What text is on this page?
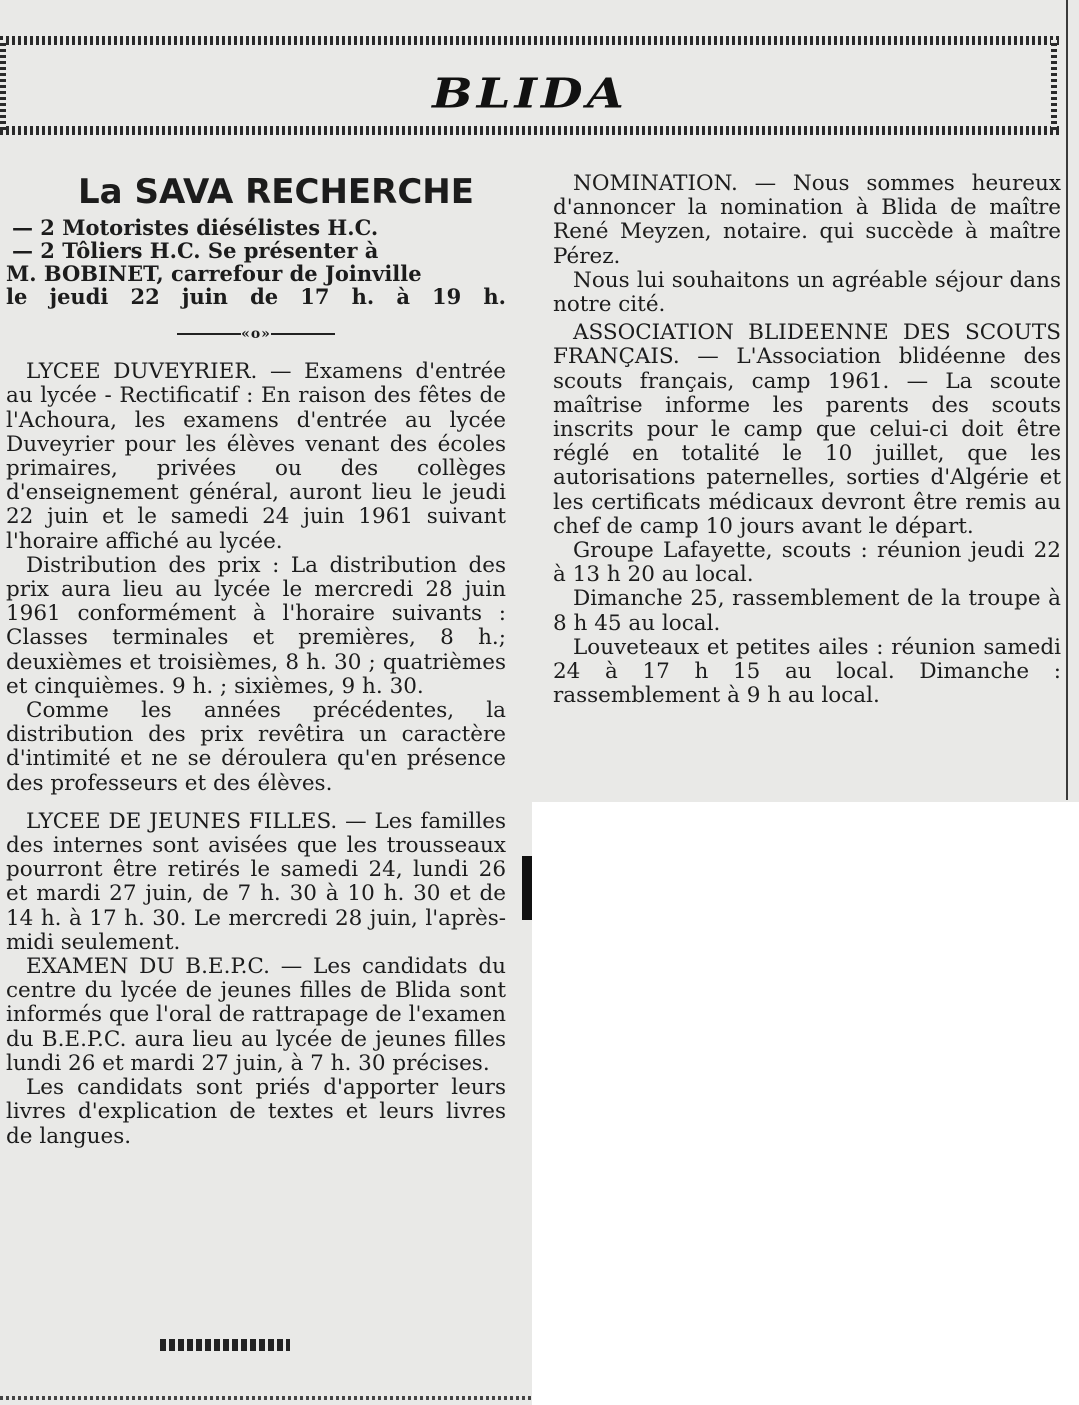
BLIDA
La SAVA RECHERCHE
— 2 Motoristes diésélistes H.C.
— 2 Tôliers H.C. Se présenter à
M. BOBINET, carrefour de Joinville
le jeudi 22 juin de 17 h. à 19 h.
«o»

LYCEE DUVEYRIER. — Examens d'entrée au lycée - Rectificatif : En raison des fêtes de l'Achoura, les examens d'entrée au lycée Duveyrier pour les élèves venant des écoles primaires, privées ou des collèges d'enseignement général, auront lieu le jeudi 22 juin et le samedi 24 juin 1961 suivant l'horaire affiché au lycée.

Distribution des prix : La distribution des prix aura lieu au lycée le mercredi 28 juin 1961 conformément à l'horaire suivants : Classes terminales et premières, 8 h.; deuxièmes et troisièmes, 8 h. 30 ; quatrièmes et cinquièmes. 9 h. ; sixièmes, 9 h. 30.

Comme les années précédentes, la distribution des prix revêtira un caractère d'intimité et ne se déroulera qu'en présence des professeurs et des élèves.

LYCEE DE JEUNES FILLES. — Les familles des internes sont avisées que les trousseaux pourront être retirés le samedi 24, lundi 26 et mardi 27 juin, de 7 h. 30 à 10 h. 30 et de 14 h. à 17 h. 30. Le mercredi 28 juin, l'après-midi seulement.

EXAMEN DU B.E.P.C. — Les candidats du centre du lycée de jeunes filles de Blida sont informés que l'oral de rattrapage de l'examen du B.E.P.C. aura lieu au lycée de jeunes filles lundi 26 et mardi 27 juin, à 7 h. 30 précises.

Les candidats sont priés d'apporter leurs livres d'explication de textes et leurs livres de langues.

NOMINATION. — Nous sommes heureux d'annoncer la nomination à Blida de maître René Meyzen, notaire. qui succède à maître Pérez.

Nous lui souhaitons un agréable séjour dans notre cité.

ASSOCIATION BLIDEENNE DES SCOUTS FRANÇAIS. — L'Association blidéenne des scouts français, camp 1961. — La scoute maîtrise informe les parents des scouts inscrits pour le camp que celui-ci doit être réglé en totalité le 10 juillet, que les autorisations paternelles, sorties d'Algérie et les certificats médicaux devront être remis au chef de camp 10 jours avant le départ.

Groupe Lafayette, scouts : réunion jeudi 22 à 13 h 20 au local.

Dimanche 25, rassemblement de la troupe à 8 h 45 au local.

Louveteaux et petites ailes : réunion samedi 24 à 17 h 15 au local. Dimanche : rassemblement à 9 h au local.
